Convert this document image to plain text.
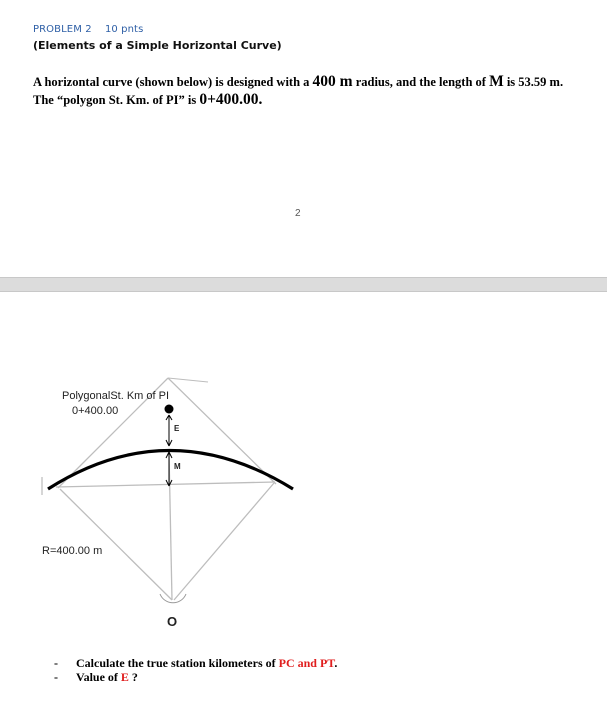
PROBLEM 2 10 pnts
(Elements of a Simple Horizontal Curve)
A horizontal curve (shown below) is designed with a 400 m radius, and the length of M is 53.59 m.
The “polygon St. Km. of PI” is 0+400.00.
2
PolygonalSt. Km of PI
0+400.00
E
M
R=400.00 m
O
-	Calculate the true station kilometers of PC and PT.
-	Value of E ?
